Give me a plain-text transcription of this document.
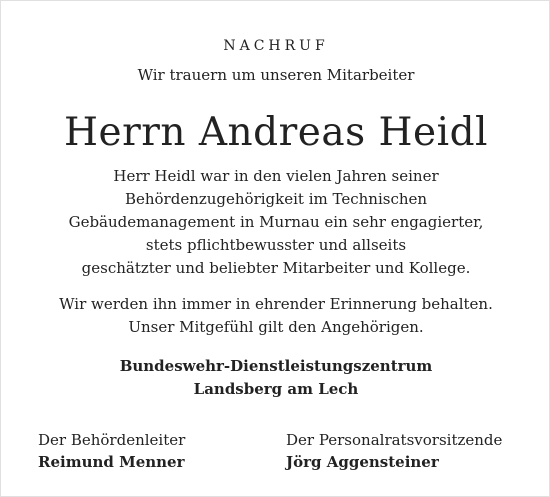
NACHRUF
Wir trauern um unseren Mitarbeiter
Herrn Andreas Heidl
Herr Heidl war in den vielen Jahren seiner
Behördenzugehörigkeit im Technischen
Gebäudemanagement in Murnau ein sehr engagierter,
stets pflichtbewusster und allseits
geschätzter und beliebter Mitarbeiter und Kollege.
Wir werden ihn immer in ehrender Erinnerung behalten.
Unser Mitgefühl gilt den Angehörigen.
Bundeswehr-Dienstleistungszentrum
Landsberg am Lech
Der Behördenleiter
Reimund Menner
Der Personalratsvorsitzende
Jörg Aggensteiner
